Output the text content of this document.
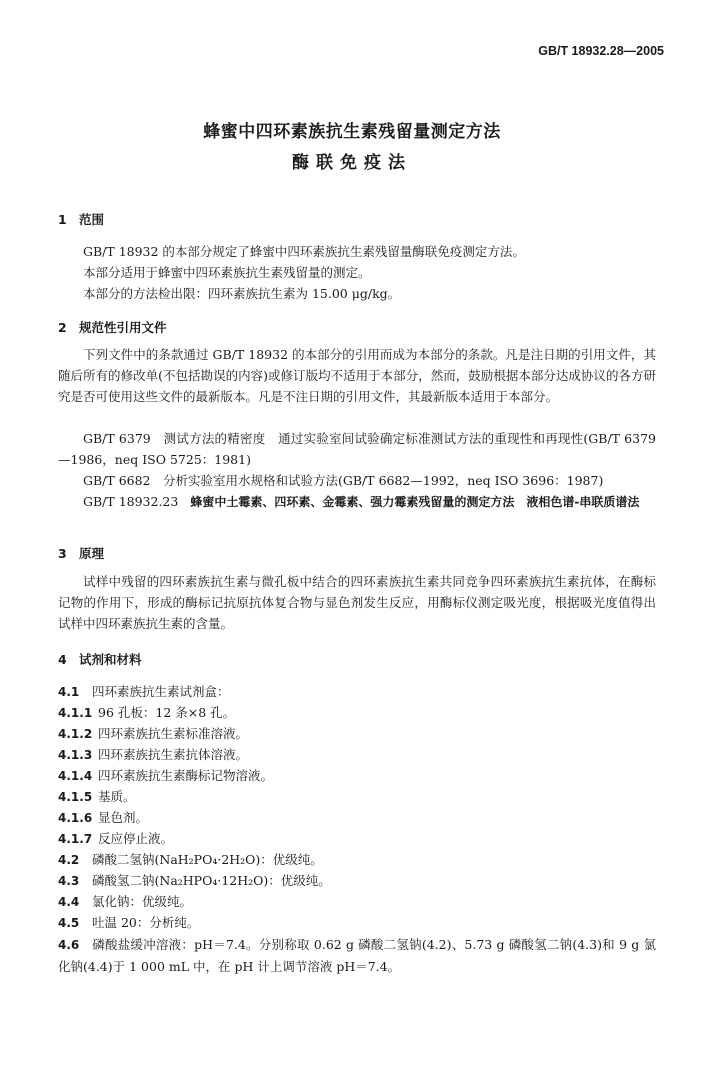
GB/T 18932.28—2005
蜂蜜中四环素族抗生素残留量测定方法
酶联免疫法
1 范围

GB/T 18932 的本部分规定了蜂蜜中四环素族抗生素残留量酶联免疫测定方法。

本部分适用于蜂蜜中四环素族抗生素残留量的测定。

本部分的方法检出限：四环素族抗生素为 15.00 μg/kg。

2 规范性引用文件

下列文件中的条款通过 GB/T 18932 的本部分的引用而成为本部分的条款。凡是注日期的引用文件，其随后所有的修改单(不包括勘误的内容)或修订版均不适用于本部分，然而，鼓励根据本部分达成协议的各方研究是否可使用这些文件的最新版本。凡是不注日期的引用文件，其最新版本适用于本部分。

GB/T 6379　测试方法的精密度　通过实验室间试验确定标准测试方法的重现性和再现性(GB/T 6379—1986，neq ISO 5725：1981)

GB/T 6682　分析实验室用水规格和试验方法(GB/T 6682—1992，neq ISO 3696：1987)

GB/T 18932.23　蜂蜜中土霉素、四环素、金霉素、强力霉素残留量的测定方法　液相色谱-串联质谱法

3 原理

试样中残留的四环素族抗生素与微孔板中结合的四环素族抗生素共同竞争四环素族抗生素抗体，在酶标记物的作用下，形成的酶标记抗原抗体复合物与显色剂发生反应，用酶标仪测定吸光度，根据吸光度值得出试样中四环素族抗生素的含量。

4 试剂和材料
4.1 四环素族抗生素试剂盒：
4.1.1 96 孔板：12 条×8 孔。
4.1.2 四环素族抗生素标准溶液。
4.1.3 四环素族抗生素抗体溶液。
4.1.4 四环素族抗生素酶标记物溶液。
4.1.5 基质。
4.1.6 显色剂。
4.1.7 反应停止液。
4.2 磷酸二氢钠(NaH₂PO₄·2H₂O)：优级纯。
4.3 磷酸氢二钠(Na₂HPO₄·12H₂O)：优级纯。
4.4 氯化钠：优级纯。
4.5 吐温 20：分析纯。

4.6 磷酸盐缓冲溶液：pH＝7.4。分别称取 0.62 g 磷酸二氢钠(4.2)、5.73 g 磷酸氢二钠(4.3)和 9 g 氯化钠(4.4)于 1 000 mL 中，在 pH 计上调节溶液 pH＝7.4。
